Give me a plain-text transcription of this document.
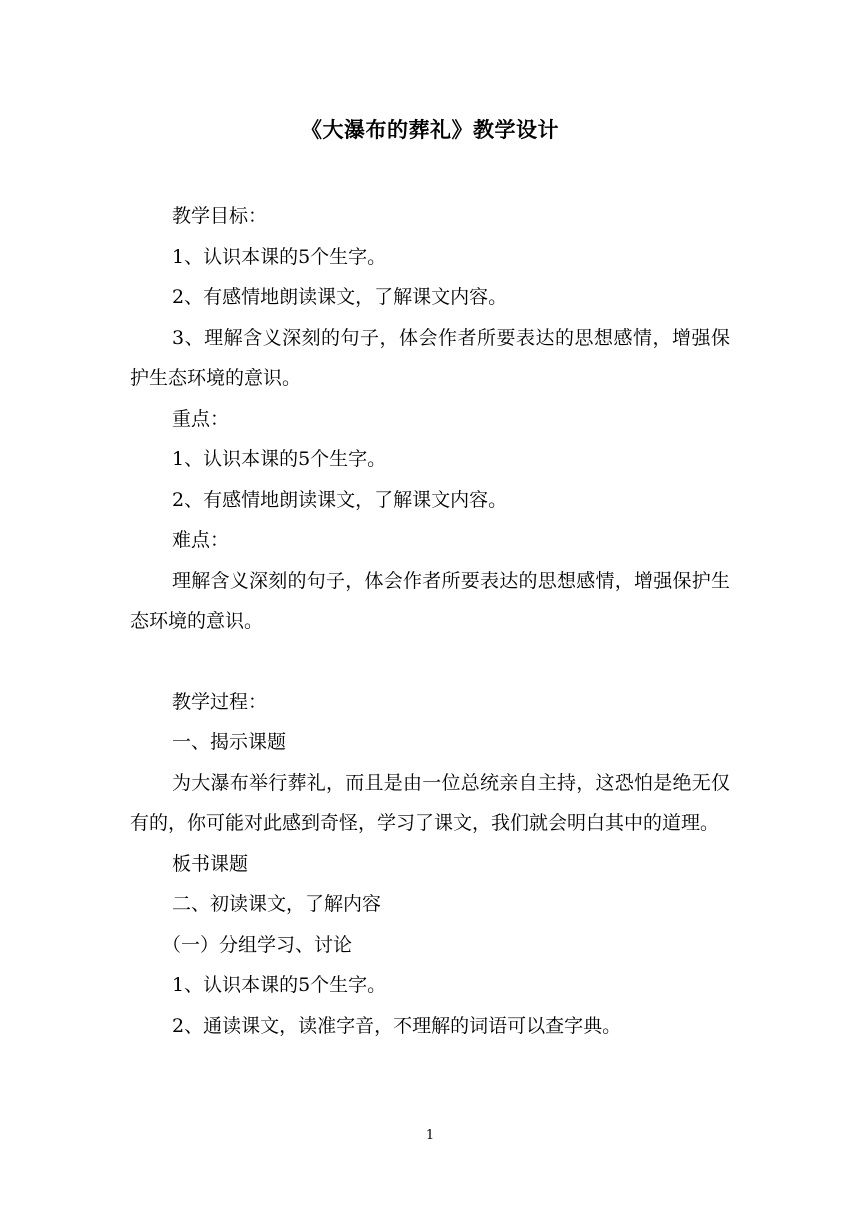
《大瀑布的葬礼》教学设计

教学目标：

1、认识本课的5个生字。

2、有感情地朗读课文，了解课文内容。

3、理解含义深刻的句子，体会作者所要表达的思想感情，增强保护生态环境的意识。

重点：

1、认识本课的5个生字。

2、有感情地朗读课文，了解课文内容。

难点：

理解含义深刻的句子，体会作者所要表达的思想感情，增强保护生态环境的意识。

教学过程：

一、揭示课题

为大瀑布举行葬礼，而且是由一位总统亲自主持，这恐怕是绝无仅有的，你可能对此感到奇怪，学习了课文，我们就会明白其中的道理。

板书课题

二、初读课文，了解内容

（一）分组学习、讨论

1、认识本课的5个生字。

2、通读课文，读准字音，不理解的词语可以查字典。

1
